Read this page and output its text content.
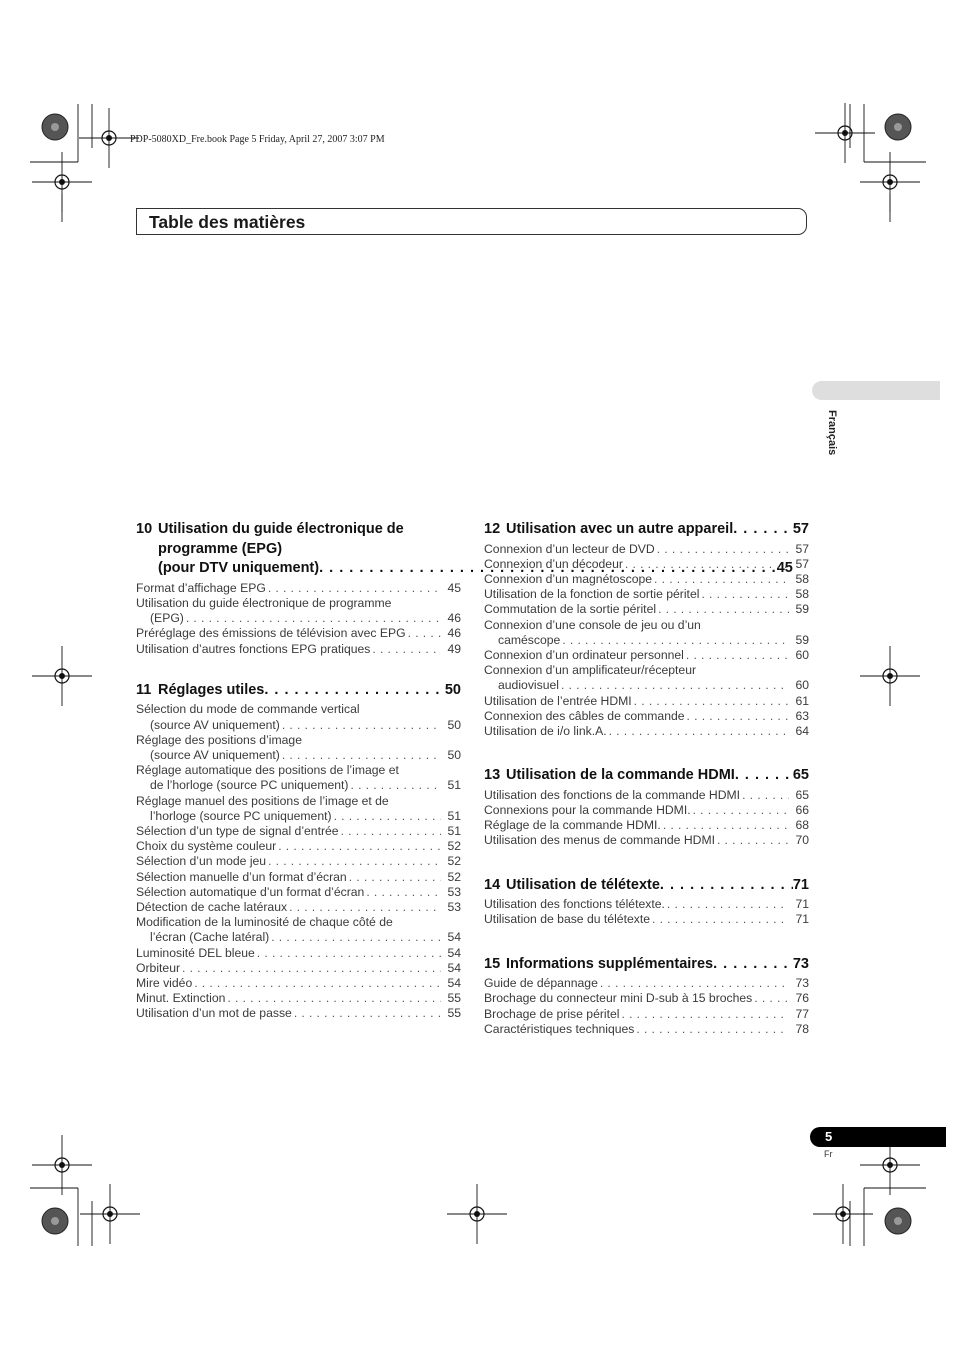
PDP-5080XD_Fre.book Page 5 Friday, April 27, 2007 3:07 PM
Table des matières
Français
10 Utilisation du guide électronique de
programme (EPG)
(pour DTV uniquement) . . .	45
Format d’affichage EPG . . .	45
Utilisation du guide électronique de programme
(EPG) . . .	46
Préréglage des émissions de télévision avec EPG . . .	46
Utilisation d’autres fonctions EPG pratiques . . .	49
11 Réglages utiles . . .	50
Sélection du mode de commande vertical
(source AV uniquement) . . .	50
Réglage des positions d’image
(source AV uniquement) . . .	50
Réglage automatique des positions de l’image et
de l’horloge (source PC uniquement) . . .	51
Réglage manuel des positions de l’image et de
l’horloge (source PC uniquement) . . .	51
Sélection d’un type de signal d’entrée . . .	51
Choix du système couleur . . .	52
Sélection d’un mode jeu . . .	52
Sélection manuelle d’un format d’écran . . .	52
Sélection automatique d’un format d’écran . . .	53
Détection de cache latéraux . . .	53
Modification de la luminosité de chaque côté de
l’écran (Cache latéral) . . .	54
Luminosité DEL bleue . . .	54
Orbiteur . . .	54
Mire vidéo . . .	54
Minut. Extinction . . .	55
Utilisation d’un mot de passe . . .	55
12 Utilisation avec un autre appareil . . .	57
Connexion d’un lecteur de DVD . . .	57
Connexion d’un décodeur . . .	57
Connexion d’un magnétoscope . . .	58
Utilisation de la fonction de sortie péritel . . .	58
Commutation de la sortie péritel . . .	59
Connexion d’une console de jeu ou d’un
caméscope . . .	59
Connexion d’un ordinateur personnel . . .	60
Connexion d’un amplificateur/récepteur
audiovisuel . . .	60
Utilisation de l’entrée HDMI . . .	61
Connexion des câbles de commande . . .	63
Utilisation de i/o link.A. . . .	64
13 Utilisation de la commande HDMI . . .	65
Utilisation des fonctions de la commande HDMI . . .	65
Connexions pour la commande HDMI. . . .	66
Réglage de la commande HDMI. . . .	68
Utilisation des menus de commande HDMI . . .	70
14 Utilisation de télétexte . . .	71
Utilisation des fonctions télétexte. . . .	71
Utilisation de base du télétexte . . .	71
15 Informations supplémentaires . . .	73
Guide de dépannage . . .	73
Brochage du connecteur mini D-sub à 15 broches . . .	76
Brochage de prise péritel . . .	77
Caractéristiques techniques . . .	78
5
Fr
